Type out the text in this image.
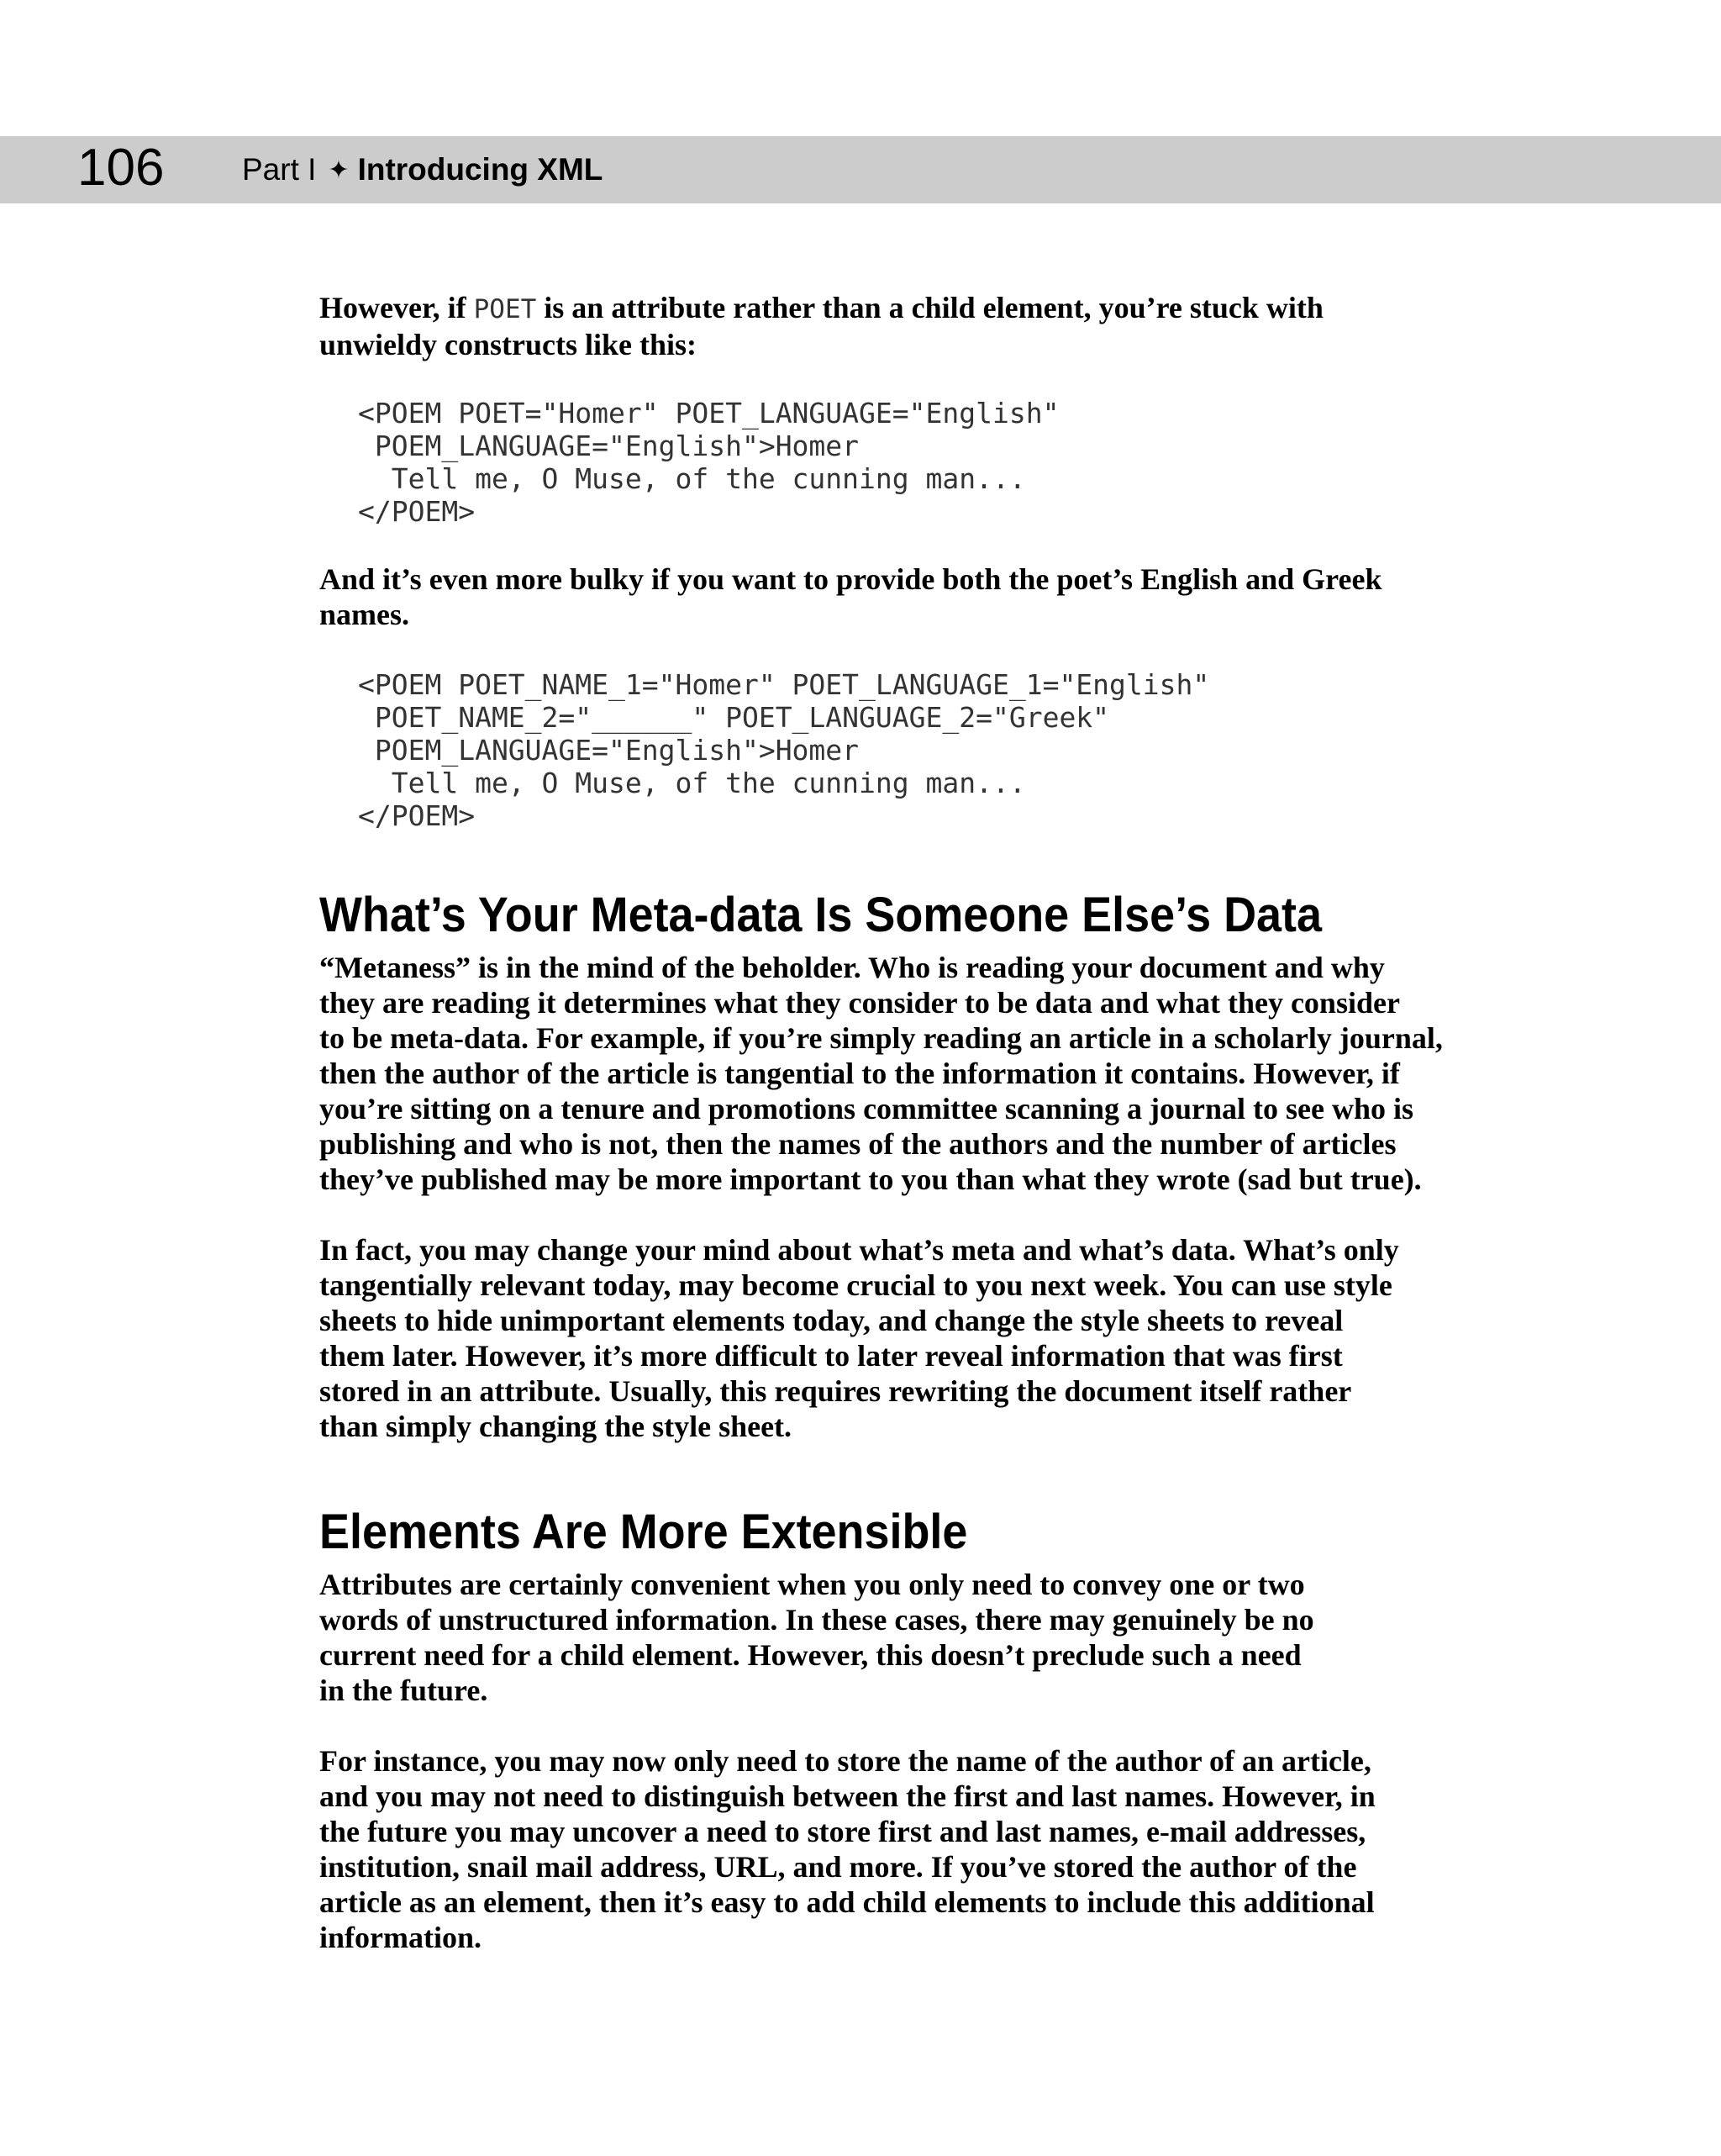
106	Part I ✦ Introducing XML

However, if POET is an attribute rather than a child element, you’re stuck with
unwieldy constructs like this:

<POEM POET="Homer" POET_LANGUAGE="English"
POEM_LANGUAGE="English">Homer
Tell me, O Muse, of the cunning man...
</POEM>

And it’s even more bulky if you want to provide both the poet’s English and Greek
names.

<POEM POET_NAME_1="Homer" POET_LANGUAGE_1="English"
POET_NAME_2="______" POET_LANGUAGE_2="Greek"
POEM_LANGUAGE="English">Homer
Tell me, O Muse, of the cunning man...
</POEM>
What’s Your Meta-data Is Someone Else’s Data

“Metaness” is in the mind of the beholder. Who is reading your document and why
they are reading it determines what they consider to be data and what they consider
to be meta-data. For example, if you’re simply reading an article in a scholarly journal,
then the author of the article is tangential to the information it contains. However, if
you’re sitting on a tenure and promotions committee scanning a journal to see who is
publishing and who is not, then the names of the authors and the number of articles
they’ve published may be more important to you than what they wrote (sad but true).

In fact, you may change your mind about what’s meta and what’s data. What’s only
tangentially relevant today, may become crucial to you next week. You can use style
sheets to hide unimportant elements today, and change the style sheets to reveal
them later. However, it’s more difficult to later reveal information that was first
stored in an attribute. Usually, this requires rewriting the document itself rather
than simply changing the style sheet.

Elements Are More Extensible

Attributes are certainly convenient when you only need to convey one or two
words of unstructured information. In these cases, there may genuinely be no
current need for a child element. However, this doesn’t preclude such a need
in the future.

For instance, you may now only need to store the name of the author of an article,
and you may not need to distinguish between the first and last names. However, in
the future you may uncover a need to store first and last names, e-mail addresses,
institution, snail mail address, URL, and more. If you’ve stored the author of the
article as an element, then it’s easy to add child elements to include this additional
information.
